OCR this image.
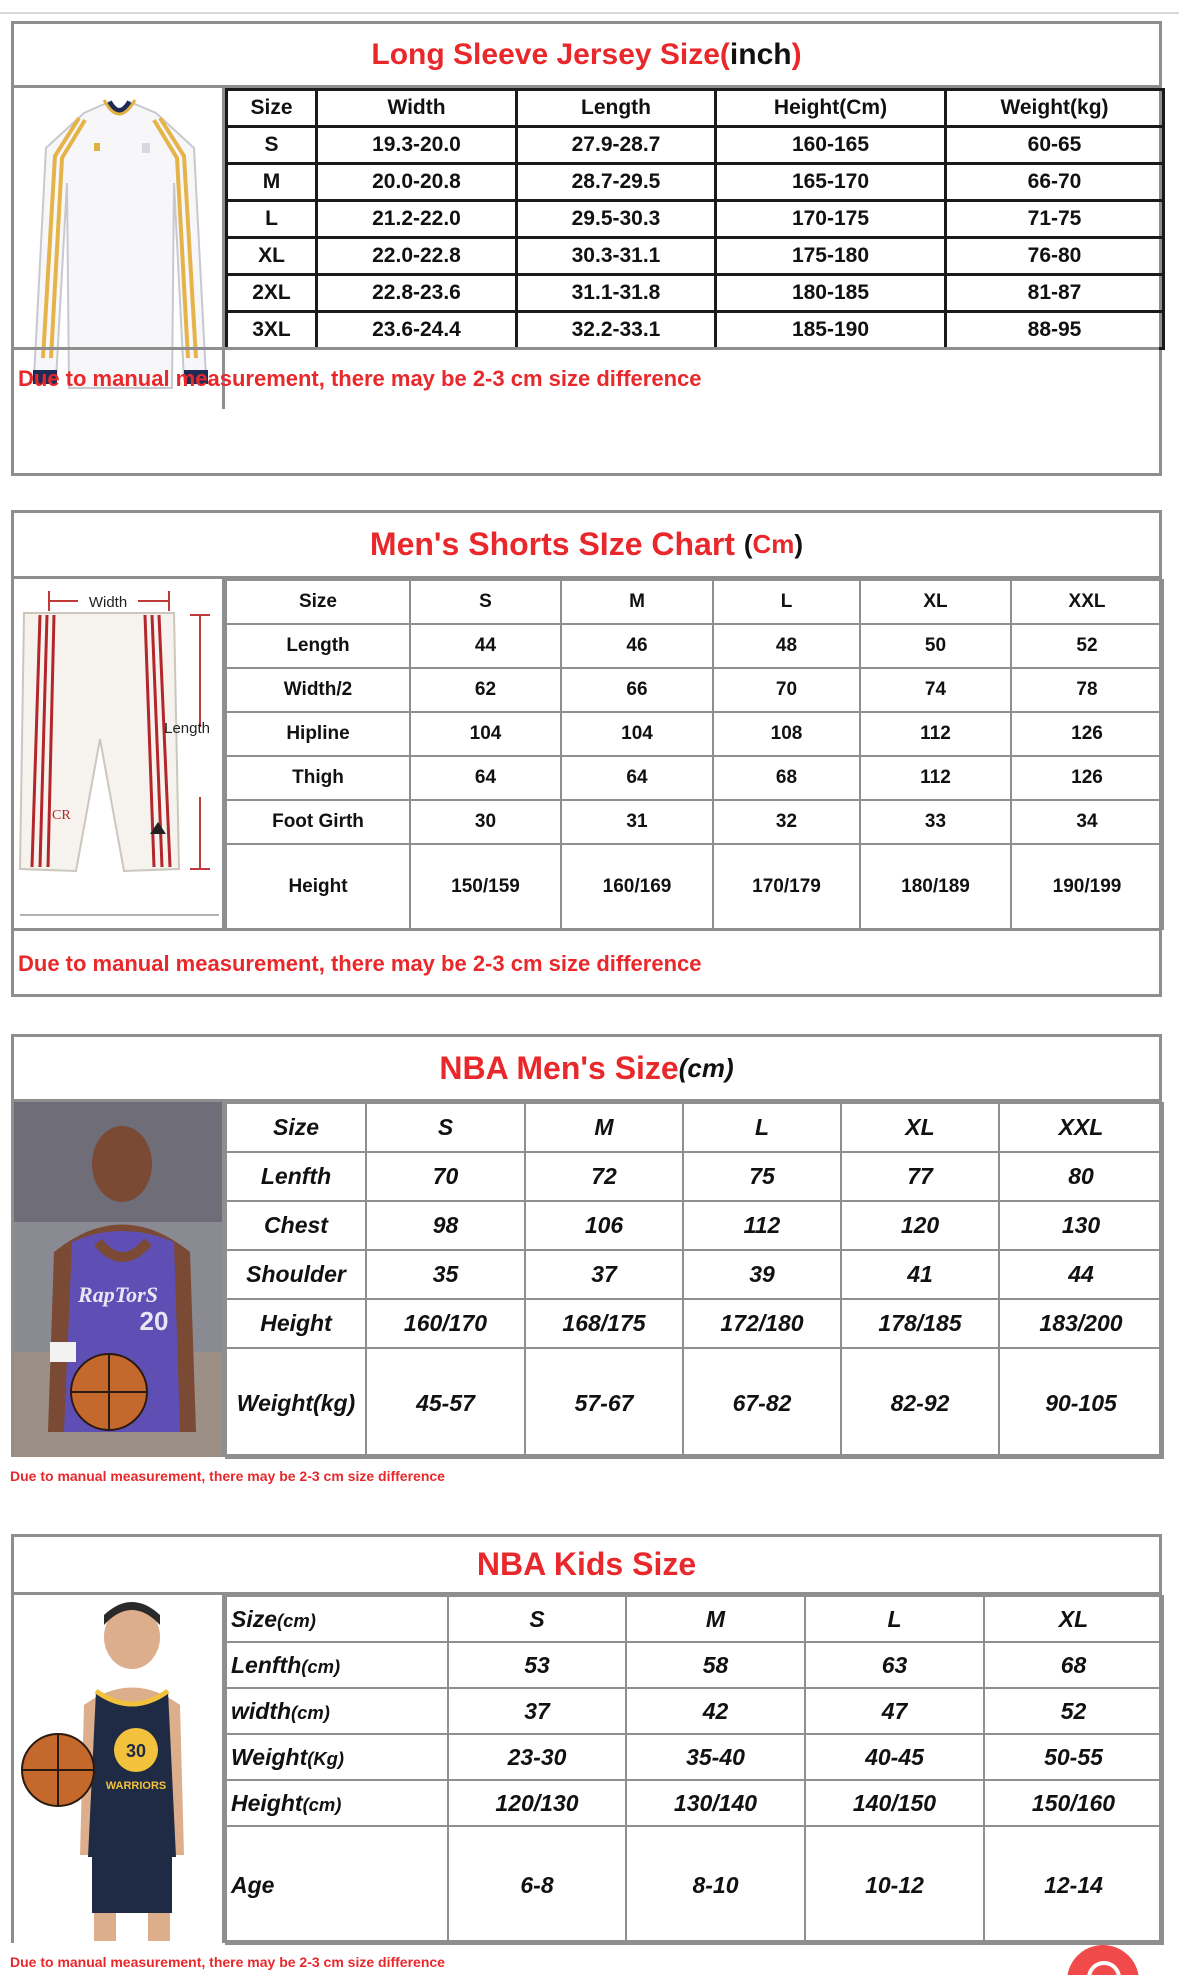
Long Sleeve Jersey Size ( inch )
Size	Width	Length	Height(Cm)	Weight(kg)
S	19.3-20.0	27.9-28.7	160-165	60-65
M	20.0-20.8	28.7-29.5	165-170	66-70
L	21.2-22.0	29.5-30.3	170-175	71-75
XL	22.0-22.8	30.3-31.1	175-180	76-80
2XL	22.8-23.6	31.1-31.8	180-185	81-87
3XL	23.6-24.4	32.2-33.1	185-190	88-95
Due to manual measurement, there may be 2-3 cm size difference
Men's Shorts SIze Chart
( Cm )
Width
CR
Length
Size	S	M	L	XL	XXL
Length	44	46	48	50	52
Width/2	62	66	70	74	78
Hipline	104	104	108	112	126
Thigh	64	64	68	112	126
Foot Girth	30	31	32	33	34
Height	150/159	160/169	170/179	180/189	190/199
Due to manual measurement, there may be 2-3 cm size difference
NBA Men's Size (cm)
RapTorS
20
Size	S	M	L	XL	XXL
Lenfth	70	72	75	77	80
Chest	98	106	112	120	130
Shoulder	35	37	39	41	44
Height	160/170	168/175	172/180	178/185	183/200
Weight(kg)	45-57	57-67	67-82	82-92	90-105
Due to manual measurement, there may be 2-3 cm size difference
NBA Kids Size
30
WARRIORS
Size(cm)	S	M	L	XL
Lenfth(cm)	53	58	63	68
width(cm)	37	42	47	52
Weight(Kg)	23-30	35-40	40-45	50-55
Height(cm)	120/130	130/140	140/150	150/160
Age	6-8	8-10	10-12	12-14
Due to manual measurement, there may be 2-3 cm size difference
